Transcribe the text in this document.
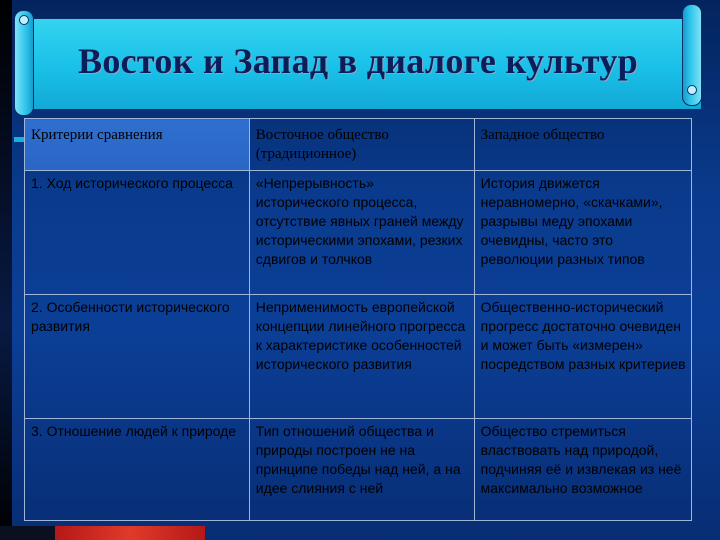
Восток и Запад в диалоге культур
Критерии сравнения	Восточное общество (традиционное)	Западное общество
1. Ход исторического процесса	«Непрерывность» исторического процесса, отсутствие явных граней между историческими эпохами, резких сдвигов и толчков	История движется неравномерно, «скачками», разрывы меду эпохами очевидны, часто это революции разных типов
2. Особенности исторического развития	Неприменимость европейской концепции линейного прогресса к характеристике особенностей исторического развития	Общественно-исторический прогресс достаточно очевиден и может быть «измерен» посредством разных критериев
3. Отношение людей к природе	Тип отношений общества и природы построен не на принципе победы над ней, а на идее слияния с ней	Общество стремиться властвовать над природой, подчиняя её и извлекая из неё максимально возможное
